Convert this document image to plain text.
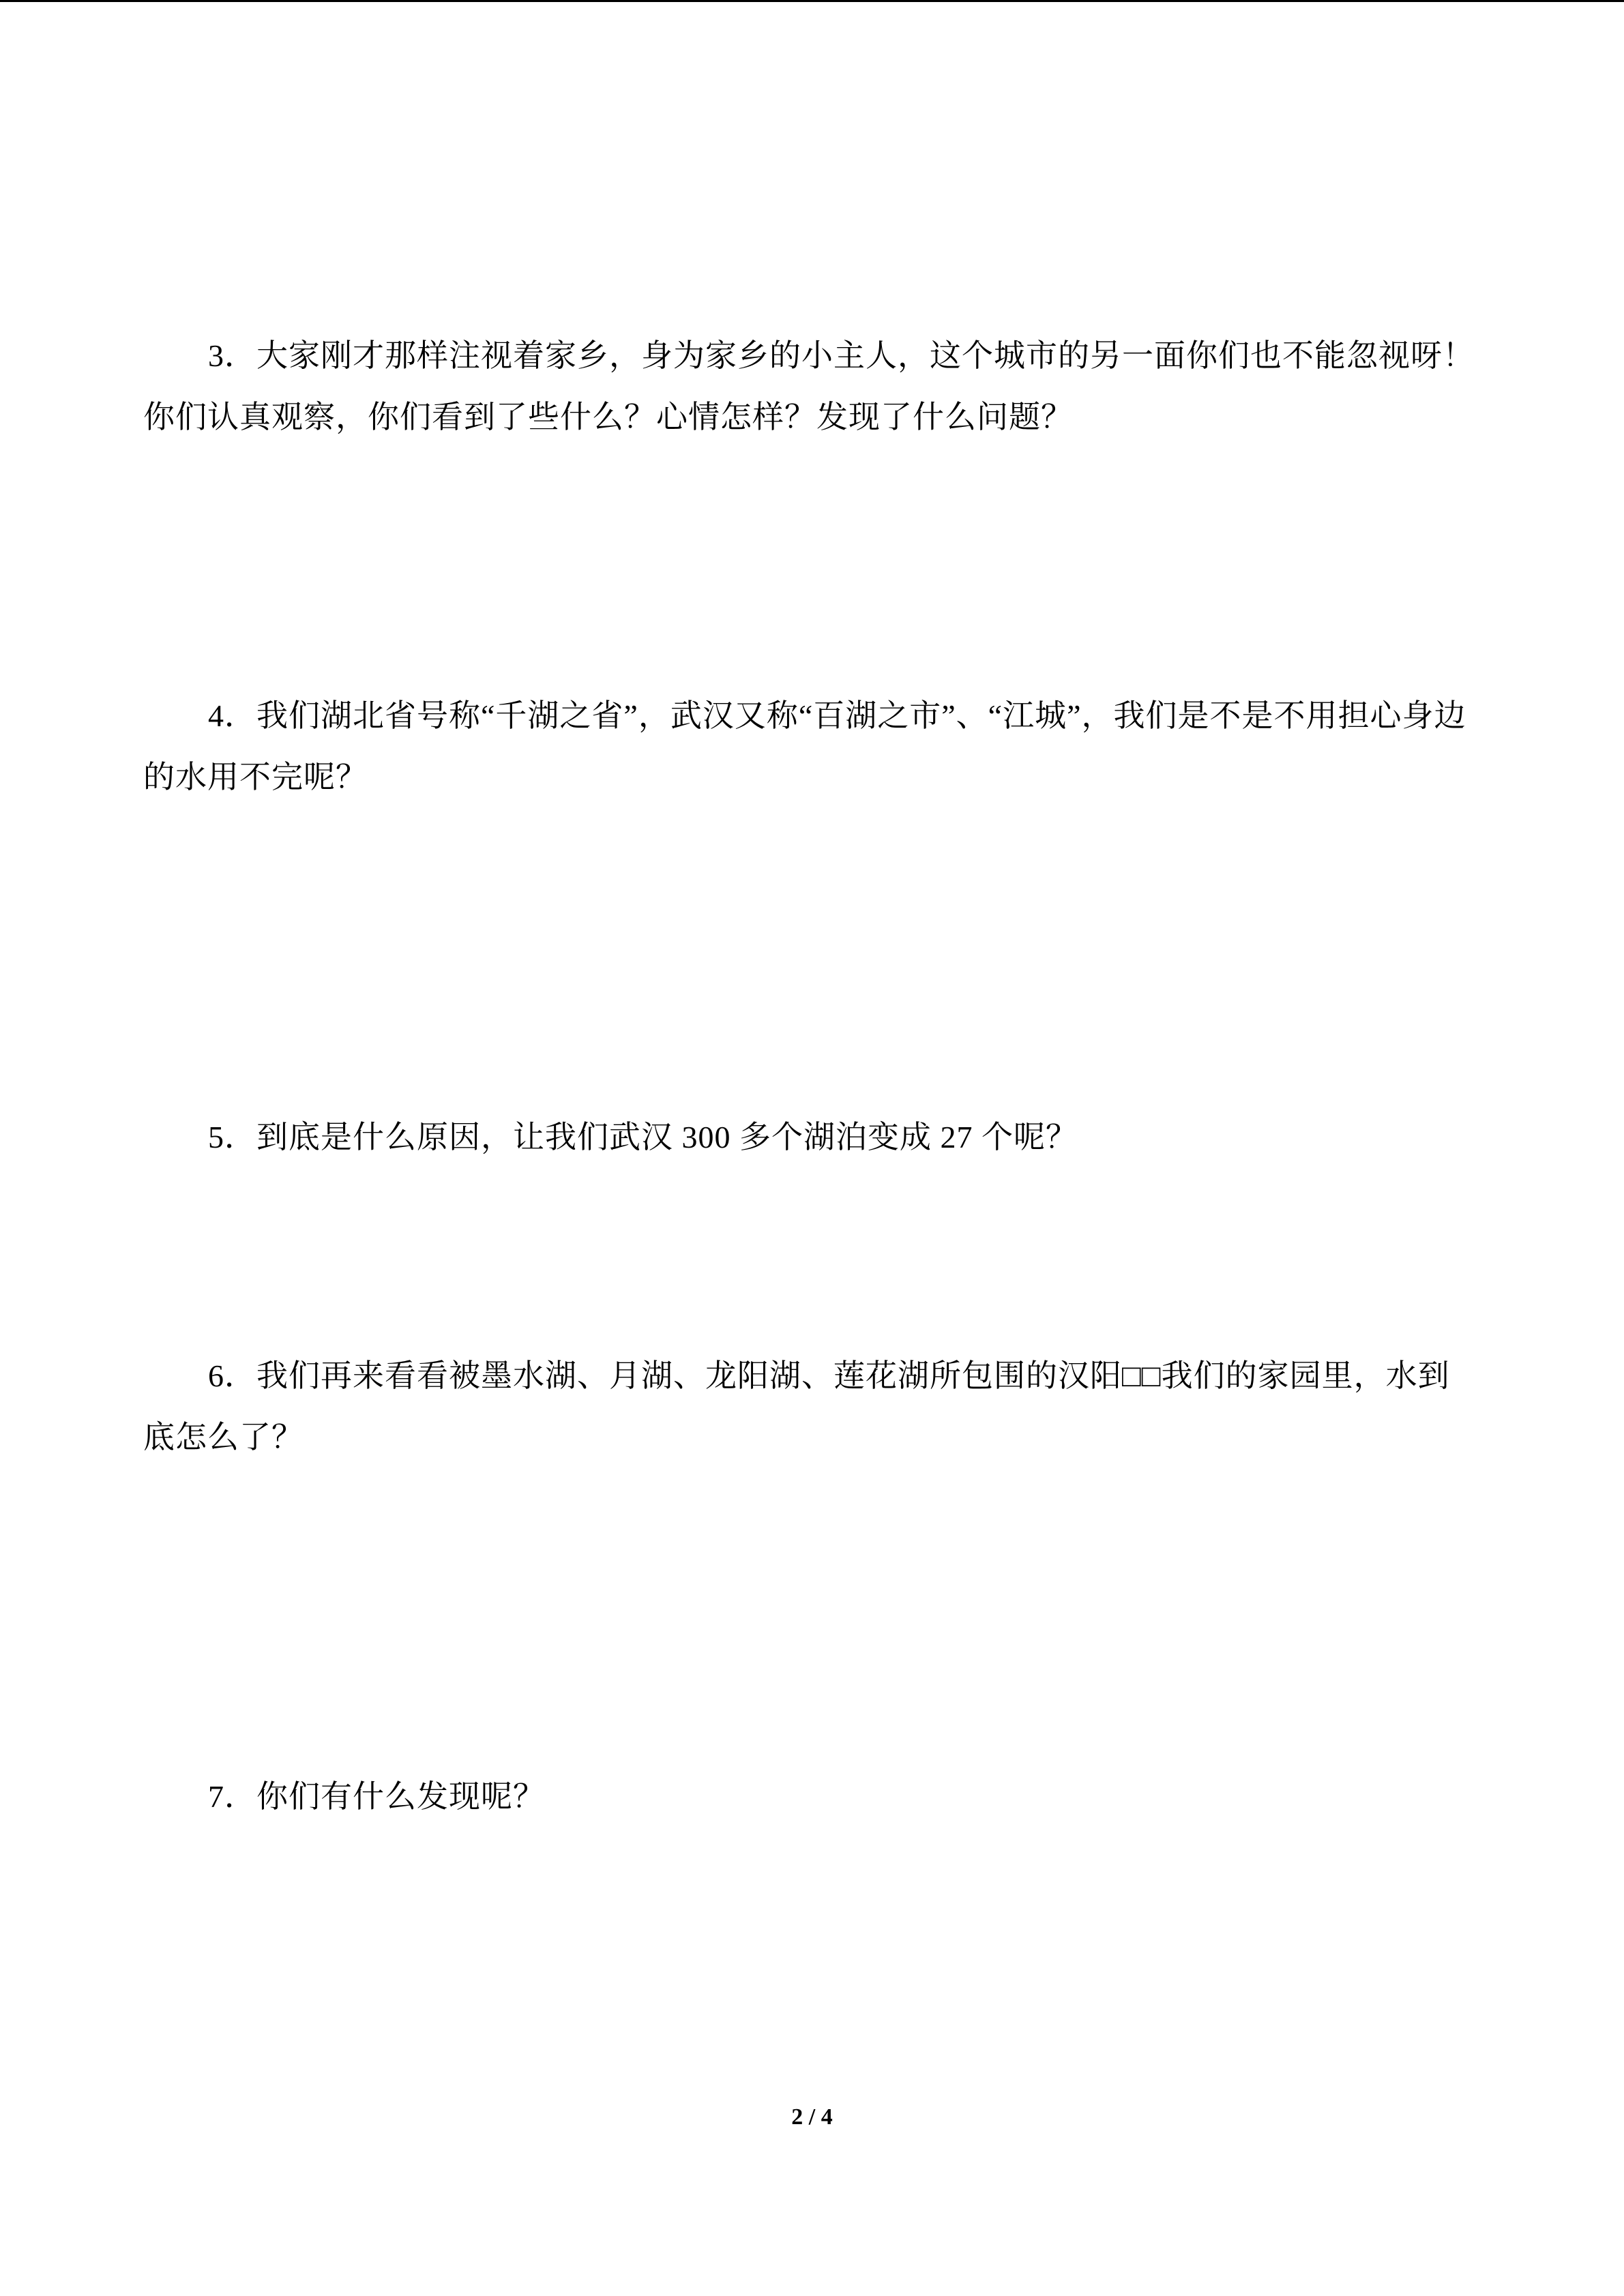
3．大家刚才那样注视着家乡，身为家乡的小主人，这个城市的另一面你们也不能忽视呀！你们认真观察，你们看到了些什么？心情怎样？发现了什么问题？

4．我们湖北省号称“千湖之省”，武汉又称“百湖之市”、“江城”，我们是不是不用担心身边的水用不完呢？

5．到底是什么原因，让我们武汉 300 多个湖泊变成 27 个呢？

6．我们再来看看被墨水湖、月湖、龙阳湖、莲花湖所包围的汉阳□□我们的家园里，水到底怎么了？

7．你们有什么发现呢？

2 / 4
